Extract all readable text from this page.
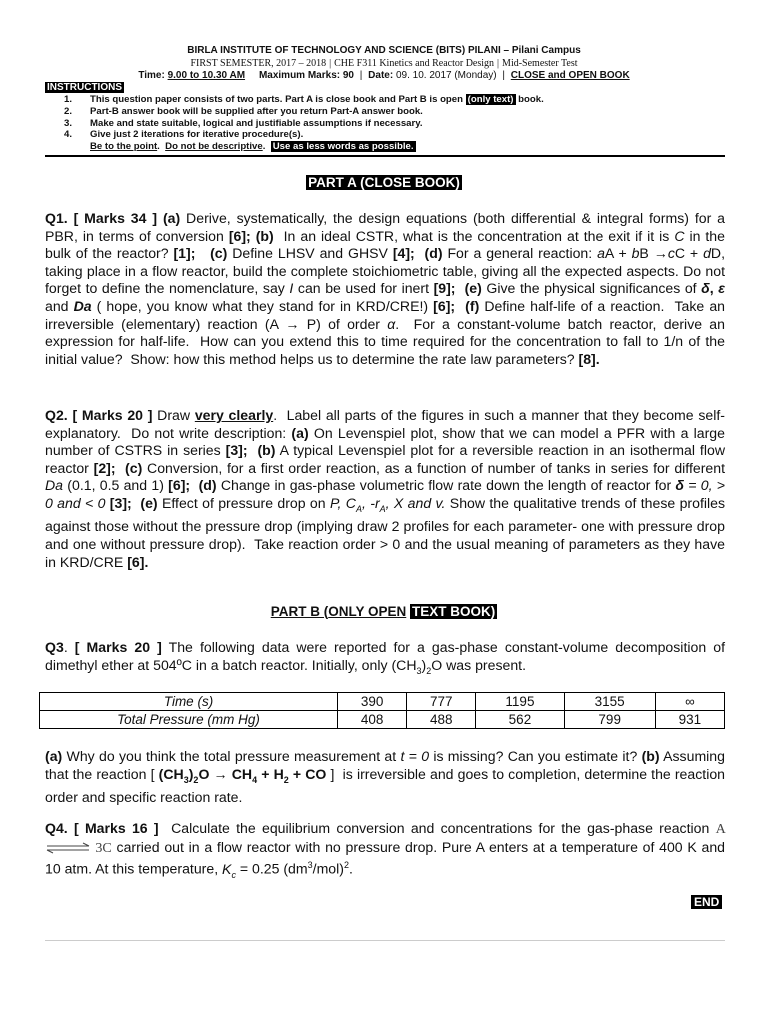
BIRLA INSTITUTE OF TECHNOLOGY AND SCIENCE (BITS) PILANI – Pilani Campus
FIRST SEMESTER, 2017 – 2018 | CHE F311 Kinetics and Reactor Design | Mid-Semester Test
Time: 9.00 to 10.30 AM Maximum Marks: 90 | Date: 09. 10. 2017 (Monday) | CLOSE and OPEN BOOK
INSTRUCTIONS
1.	This question paper consists of two parts. Part A is close book and Part B is open (only text) book.
2.	Part-B answer book will be supplied after you return Part-A answer book.
3.	Make and state suitable, logical and justifiable assumptions if necessary.
4.	Give just 2 iterations for iterative procedure(s).
Be to the point.  Do not be descriptive.  Use as less words as possible.
PART A (CLOSE BOOK)
Q1. [ Marks 34 ] (a) Derive, systematically, the design equations (both differential & integral forms) for a PBR, in terms of conversion [6]; (b)  In an ideal CSTR, what is the concentration at the exit if it is C in the bulk of the reactor? [1]; (c) Define LHSV and GHSV [4];  (d) For a general reaction: aA + bB →cC + dD, taking place in a flow reactor, build the complete stoichiometric table, giving all the expected aspects. Do not forget to define the nomenclature, say I can be used for inert [9];  (e) Give the physical significances of δ, ε and Da ( hope, you know what they stand for in KRD/CRE!) [6];  (f) Define half-life of a reaction.  Take an irreversible (elementary) reaction (A → P) of order α.  For a constant-volume batch reactor, derive an expression for half-life.  How can you extend this to time required for the concentration to fall to 1/n of the initial value?  Show: how this method helps us to determine the rate law parameters? [8].
Q2. [ Marks 20 ] Draw very clearly.  Label all parts of the figures in such a manner that they become self-explanatory.  Do not write description: (a) On Levenspiel plot, show that we can model a PFR with a large number of CSTRS in series [3];  (b) A typical Levenspiel plot for a reversible reaction in an isothermal flow reactor [2];  (c) Conversion, for a first order reaction, as a function of number of tanks in series for different Da (0.1, 0.5 and 1) [6];  (d) Change in gas-phase volumetric flow rate down the length of reactor for δ = 0, > 0 and < 0 [3];  (e) Effect of pressure drop on P, $C_A$, $-r_A$, X and v. Show the qualitative trends of these profiles against those without the pressure drop (implying draw 2 profiles for each parameter- one with pressure drop and one without pressure drop).  Take reaction order > 0 and the usual meaning of parameters as they have in KRD/CRE [6].
PART B (ONLY OPEN TEXT BOOK)
Q3. [ Marks 20 ] The following data were reported for a gas-phase constant-volume decomposition of dimethyl ether at 504ºC in a batch reactor. Initially, only $(CH_3)_2O$ was present.
Time (s)	390	777	1195	3155	∞
Total Pressure (mm Hg)	408	488	562	799	931
(a) Why do you think the total pressure measurement at t = 0 is missing? Can you estimate it? (b) Assuming that the reaction [ $(CH_3)_2O \to CH_4 + H_2$ + CO ]  is irreversible and goes to completion, determine the reaction order and specific reaction rate.
Q4. [ Marks 16 ]  Calculate the equilibrium conversion and concentrations for the gas-phase reaction A ⇌ 3C carried out in a flow reactor with no pressure drop. Pure A enters at a temperature of 400 K and 10 atm. At this temperature, $K_c = 0.25$ $(dm^3/mol)^2$.
END
